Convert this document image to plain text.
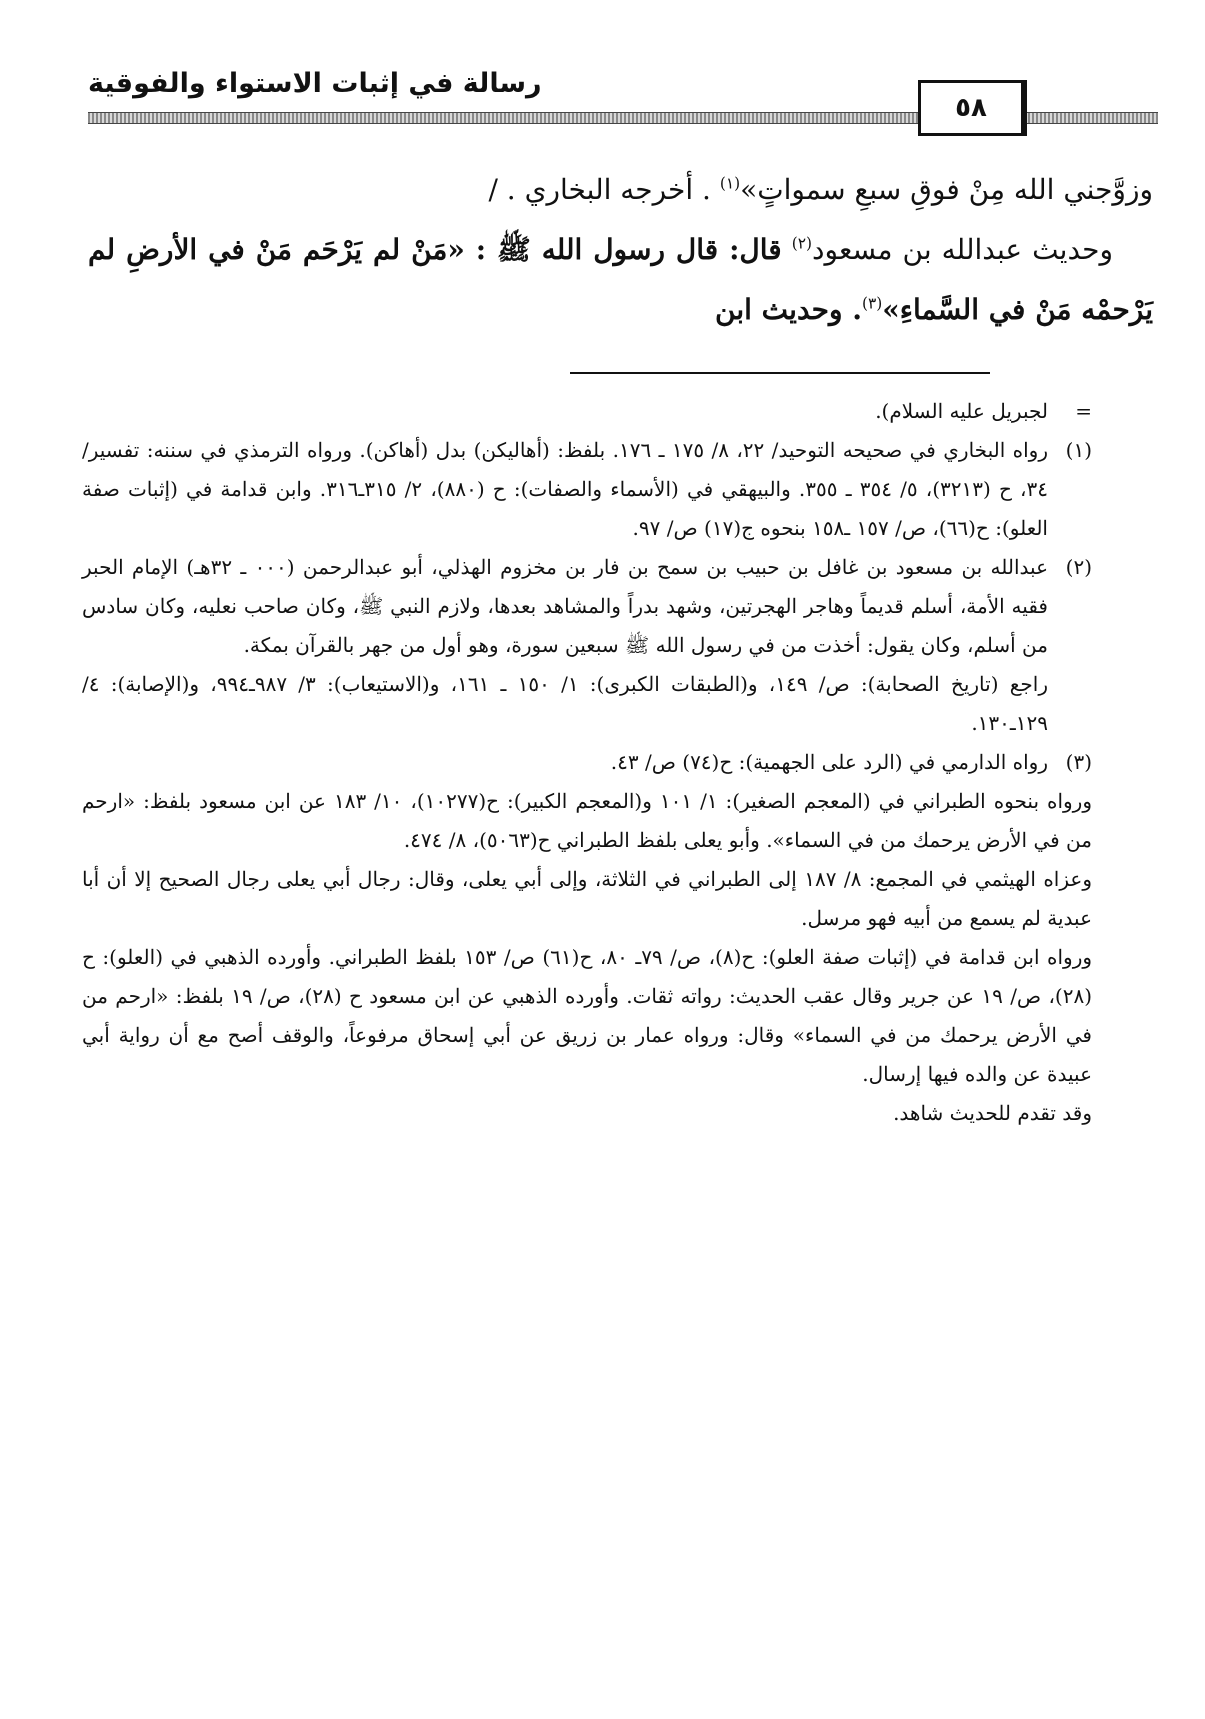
رسالة في إثبات الاستواء والفوقية
٥٨

وزوَّجني الله مِنْ فوقِ سبعِ سمواتٍ»$^{(١)}$ . أخرجه البخاري . /

وحديث عبدالله بن مسعود$^{(٢)}$ قال: قال رسول الله ﷺ : «مَنْ لم يَرْحَم مَنْ في الأرضِ لم يَرْحمْه مَنْ في السَّماءِ»$^{(٣)}$. وحديث ابن

=

لجبريل عليه السلام).

(١)

رواه البخاري في صحيحه التوحيد/ ٢٢، ٨/ ١٧٥ ـ ١٧٦. بلفظ: (أهاليكن) بدل (أهاكن). ورواه الترمذي في سننه: تفسير/ ٣٤، ح (٣٢١٣)، ٥/ ٣٥٤ ـ ٣٥٥. والبيهقي في (الأسماء والصفات): ح (٨٨٠)، ٢/ ٣١٥ـ٣١٦. وابن قدامة في (إثبات صفة العلو): ح(٦٦)، ص/ ١٥٧ ـ١٥٨ بنحوه ج(١٧) ص/ ٩٧.

(٢)

عبدالله بن مسعود بن غافل بن حبيب بن سمح بن فار بن مخزوم الهذلي، أبو عبدالرحمن (٠٠٠ ـ ٣٢هـ) الإمام الحبر فقيه الأمة، أسلم قديماً وهاجر الهجرتين، وشهد بدراً والمشاهد بعدها، ولازم النبي ﷺ، وكان صاحب نعليه، وكان سادس من أسلم، وكان يقول: أخذت من في رسول الله ﷺ سبعين سورة، وهو أول من جهر بالقرآن بمكة.

راجع (تاريخ الصحابة): ص/ ١٤٩، و(الطبقات الكبرى): ١/ ١٥٠ ـ ١٦١، و(الاستيعاب): ٣/ ٩٨٧ـ٩٩٤، و(الإصابة): ٤/ ١٢٩ـ١٣٠.

(٣)

رواه الدارمي في (الرد على الجهمية): ح(٧٤) ص/ ٤٣.

ورواه بنحوه الطبراني في (المعجم الصغير): ١/ ١٠١ و(المعجم الكبير): ح(١٠٢٧٧)، ١٠/ ١٨٣ عن ابن مسعود بلفظ: «ارحم من في الأرض يرحمك من في السماء». وأبو يعلى بلفظ الطبراني ح(٥٠٦٣)، ٨/ ٤٧٤.

وعزاه الهيثمي في المجمع: ٨/ ١٨٧ إلى الطبراني في الثلاثة، وإلى أبي يعلى، وقال: رجال أبي يعلى رجال الصحيح إلا أن أبا عبدية لم يسمع من أبيه فهو مرسل.

ورواه ابن قدامة في (إثبات صفة العلو): ح(٨)، ص/ ٧٩ـ ٨٠، ح(٦١) ص/ ١٥٣ بلفظ الطبراني. وأورده الذهبي في (العلو): ح (٢٨)، ص/ ١٩ عن جرير وقال عقب الحديث: رواته ثقات. وأورده الذهبي عن ابن مسعود ح (٢٨)، ص/ ١٩ بلفظ: «ارحم من في الأرض يرحمك من في السماء» وقال: ورواه عمار بن زريق عن أبي إسحاق مرفوعاً، والوقف أصح مع أن رواية أبي عبيدة عن والده فيها إرسال.

وقد تقدم للحديث شاهد.
